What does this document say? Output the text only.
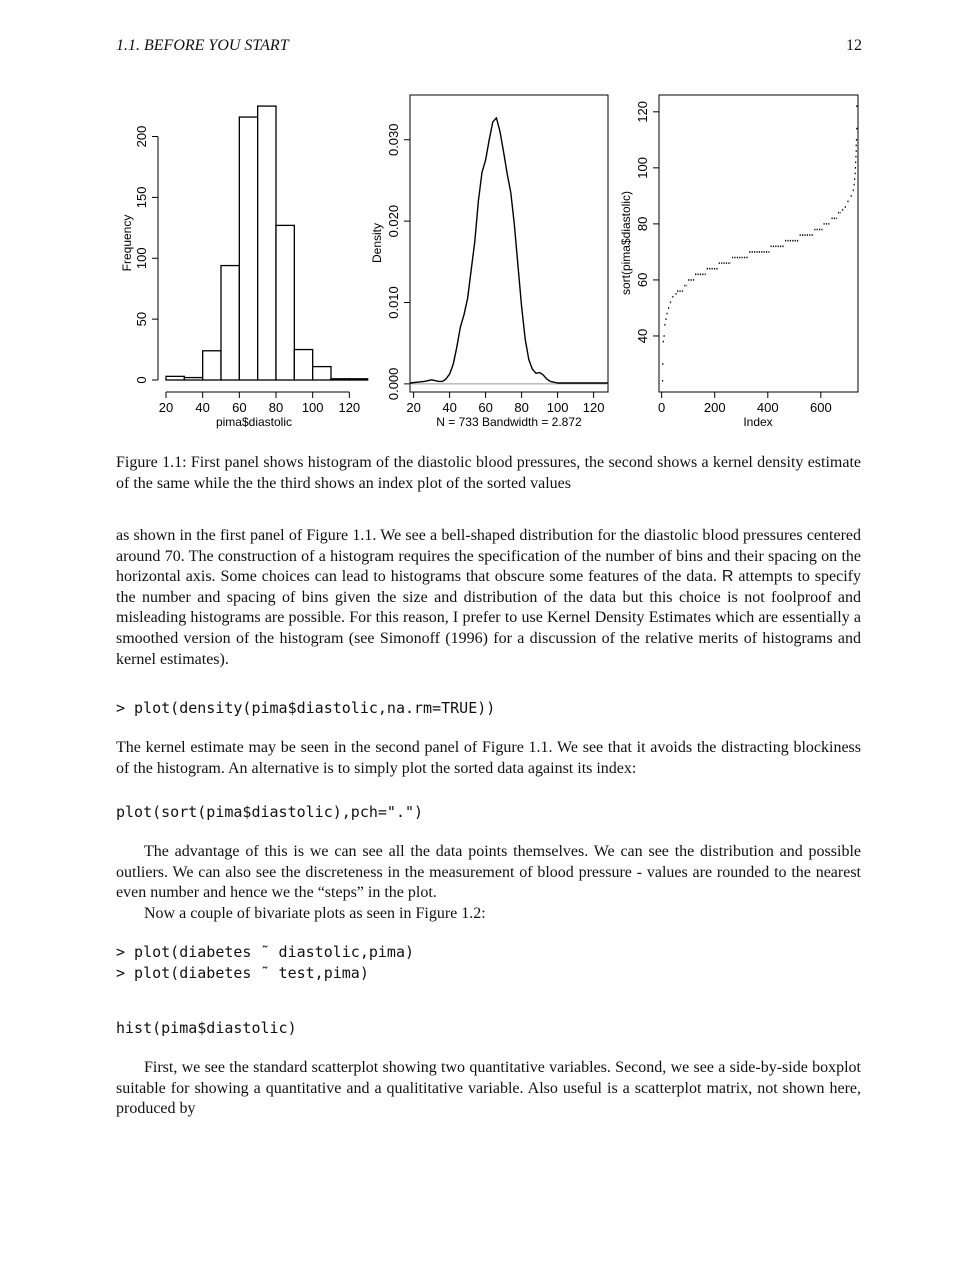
1.1. BEFORE YOU START	12
20 40 60 80 100 120
0
50
100
150
200
pima$diastolic
Frequency
20 40 60 80 100 120
0.000
0.010
0.020
0.030
N = 733 Bandwidth = 2.872
Density
0	200 400 600
40
60
80
100
120
Index
sort(pima$diastolic)
Figure 1.1: First panel shows histogram of the diastolic blood pressures, the second shows a kernel density estimate of the same while the the third shows an index plot of the sorted values
as shown in the first panel of Figure 1.1. We see a bell-shaped distribution for the diastolic blood pressures centered around 70. The construction of a histogram requires the specification of the number of bins and their spacing on the horizontal axis. Some choices can lead to histograms that obscure some features of the data. R attempts to specify the number and spacing of bins given the size and distribution of the data but this choice is not foolproof and misleading histograms are possible. For this reason, I prefer to use Kernel Density Estimates which are essentially a smoothed version of the histogram (see Simonoff (1996) for a discussion of the relative merits of histograms and kernel estimates).
> plot(density(pima$diastolic,na.rm=TRUE))
The kernel estimate may be seen in the second panel of Figure 1.1. We see that it avoids the distracting blockiness of the histogram. An alternative is to simply plot the sorted data against its index:
plot(sort(pima$diastolic),pch=".")
The advantage of this is we can see all the data points themselves. We can see the distribution and possible outliers. We can also see the discreteness in the measurement of blood pressure - values are rounded to the nearest even number and hence we the “steps” in the plot.
Now a couple of bivariate plots as seen in Figure 1.2:
> plot(diabetes ˜ diastolic,pima)
> plot(diabetes ˜ test,pima)
hist(pima$diastolic)
First, we see the standard scatterplot showing two quantitative variables. Second, we see a side-by-side boxplot suitable for showing a quantitative and a qualititative variable. Also useful is a scatterplot matrix, not shown here, produced by
